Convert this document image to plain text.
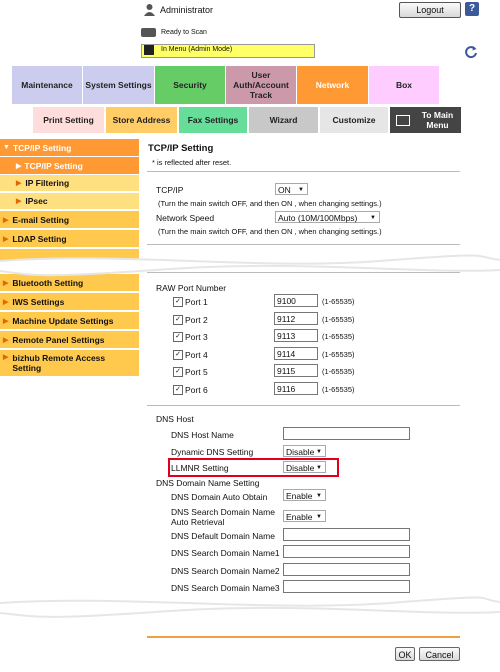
Administrator	Logout	?
Ready to Scan
In Menu (Admin Mode)
Maintenance	System Settings	Security
User Auth/Account Track
Network	Box
Print Setting	Store Address	Fax Settings	Wizard	Customize	To Main Menu
▼ TCP/IP Setting
▶ TCP/IP Setting
▶ IP Filtering
▶ IPsec
▶ E-mail Setting
▶ LDAP Setting
▶ Bluetooth Setting
▶ IWS Settings
▶ Machine Update Settings
▶ Remote Panel Settings
▶ bizhub Remote Access Setting
TCP/IP Setting
* is reflected after reset.
TCP/IP	ON ▼
(Turn the main switch OFF, and then ON , when changing settings.)
Network Speed	Auto (10M/100Mbps) ▼
(Turn the main switch OFF, and then ON , when changing settings.)
RAW Port Number
✓ Port 1	9100	(1-65535)
✓ Port 2	9112	(1-65535)
✓ Port 3	9113	(1-65535)
✓ Port 4	9114	(1-65535)
✓ Port 5	9115	(1-65535)
✓ Port 6	9116	(1-65535)
DNS Host
DNS Host Name
Dynamic DNS Setting	Disable ▼
LLMNR Setting	Disable ▼
DNS Domain Name Setting
DNS Domain Auto Obtain	Enable ▼
DNS Search Domain Name
Auto Retrieval	Enable ▼
DNS Default Domain Name
DNS Search Domain Name1
DNS Search Domain Name2
DNS Search Domain Name3
OK	Cancel
